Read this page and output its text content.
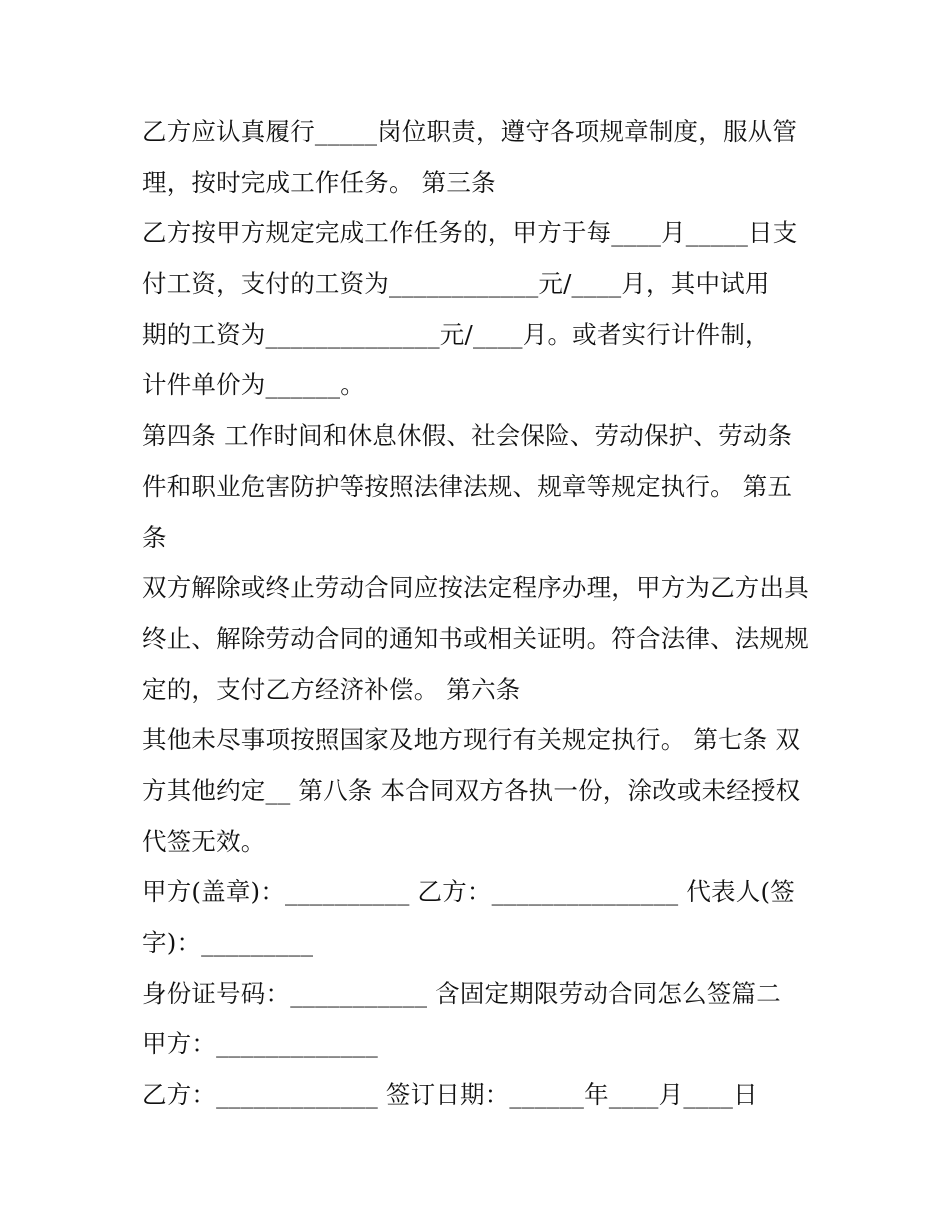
乙方应认真履行_____岗位职责，遵守各项规章制度，服从管
理，按时完成工作任务。 第三条
乙方按甲方规定完成工作任务的，甲方于每____月_____日支
付工资，支付的工资为____________元/____月，其中试用
期的工资为______________元/____月。或者实行计件制，
计件单价为______。
第四条 工作时间和休息休假、社会保险、劳动保护、劳动条
件和职业危害防护等按照法律法规、规章等规定执行。 第五
条
双方解除或终止劳动合同应按法定程序办理，甲方为乙方出具
终止、解除劳动合同的通知书或相关证明。符合法律、法规规
定的，支付乙方经济补偿。 第六条
其他未尽事项按照国家及地方现行有关规定执行。 第七条 双
方其他约定__ 第八条 本合同双方各执一份，涂改或未经授权
代签无效。
甲方(盖章)：__________ 乙方：_______________ 代表人(签
字)：_________
身份证号码：___________ 含固定期限劳动合同怎么签篇二
甲方：_____________
乙方：_____________ 签订日期：______年____月____日
